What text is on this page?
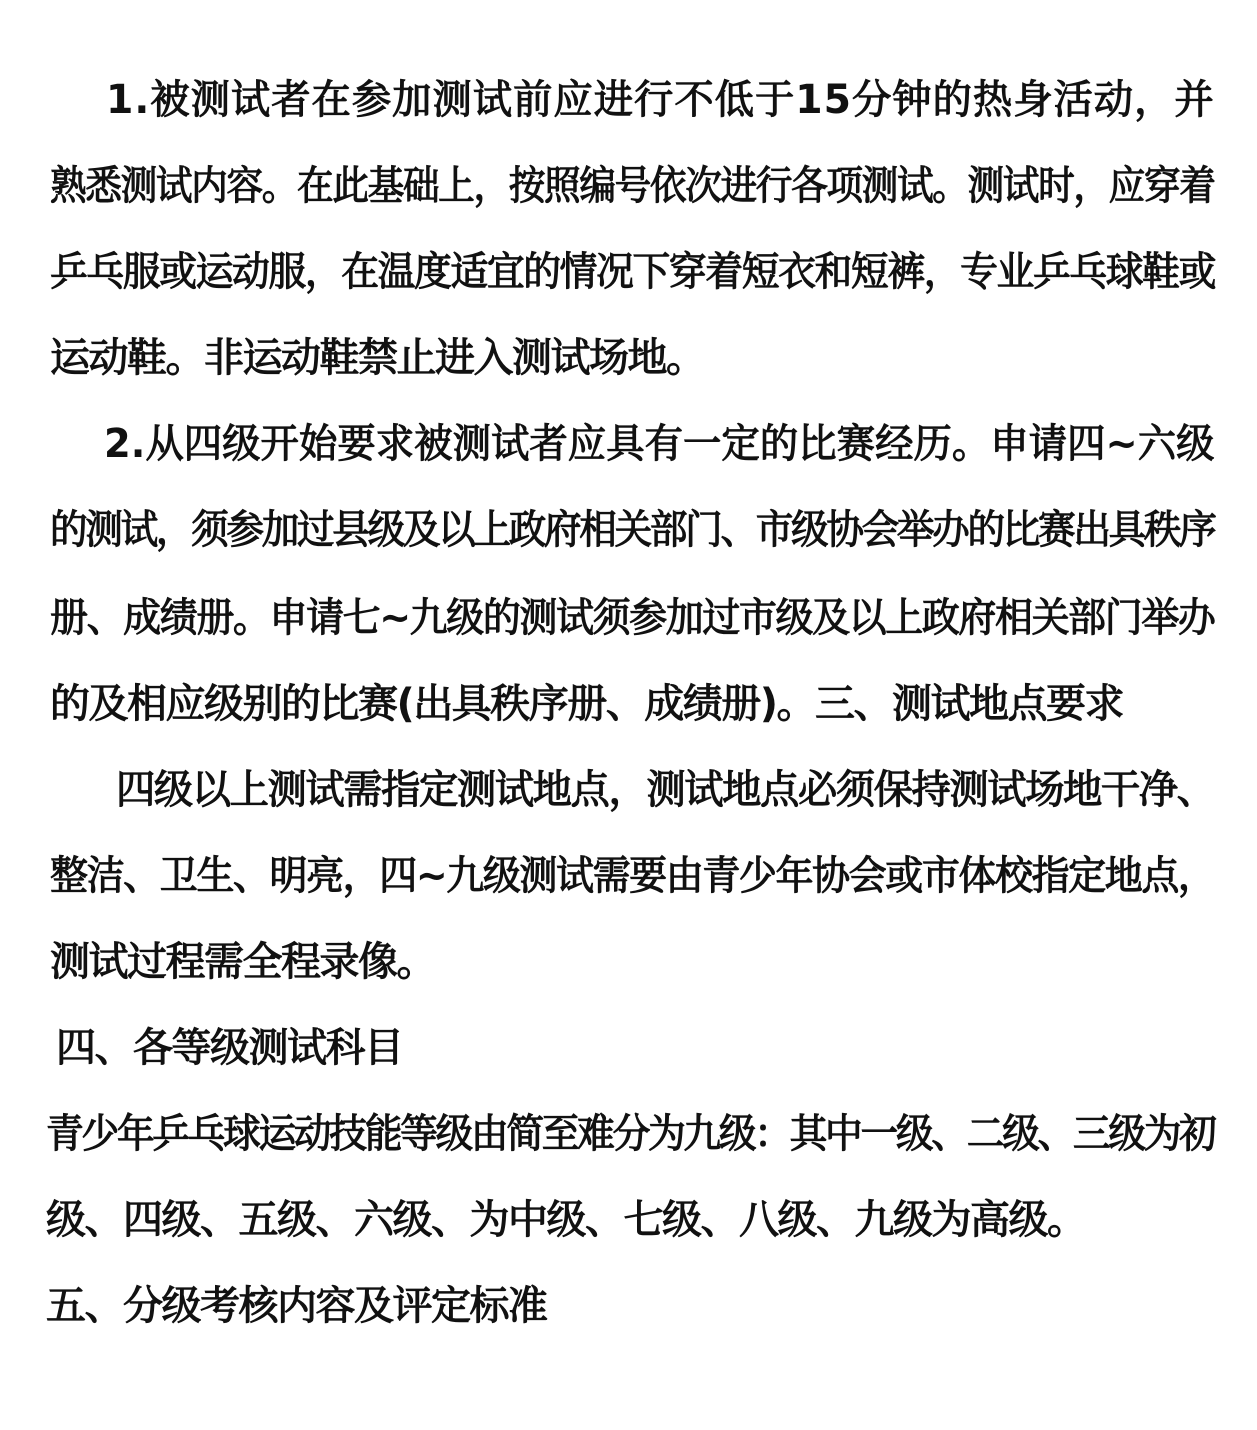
1.被测试者在参加测试前应进行不低于15分钟的热身活动，并

熟悉测试内容。在此基础上，按照编号依次进行各项测试。测试时，应穿着

乒乓服或运动服，在温度适宜的情况下穿着短衣和短裤，专业乒乓球鞋或

运动鞋。非运动鞋禁止进入测试场地。

2.从四级开始要求被测试者应具有一定的比赛经历。申请四~六级

的测试，须参加过县级及以上政府相关部门、市级协会举办的比赛出具秩序

册、成绩册。申请七~九级的测试须参加过市级及以上政府相关部门举办

的及相应级别的比赛(出具秩序册、成绩册)。三、测试地点要求

四级以上测试需指定测试地点，测试地点必须保持测试场地干净、

整洁、卫生、明亮，四~九级测试需要由青少年协会或市体校指定地点，

测试过程需全程录像。

四、各等级测试科目

青少年乒乓球运动技能等级由简至难分为九级：其中一级、二级、三级为初

级、四级、五级、六级、为中级、七级、八级、九级为高级。

五、分级考核内容及评定标准
